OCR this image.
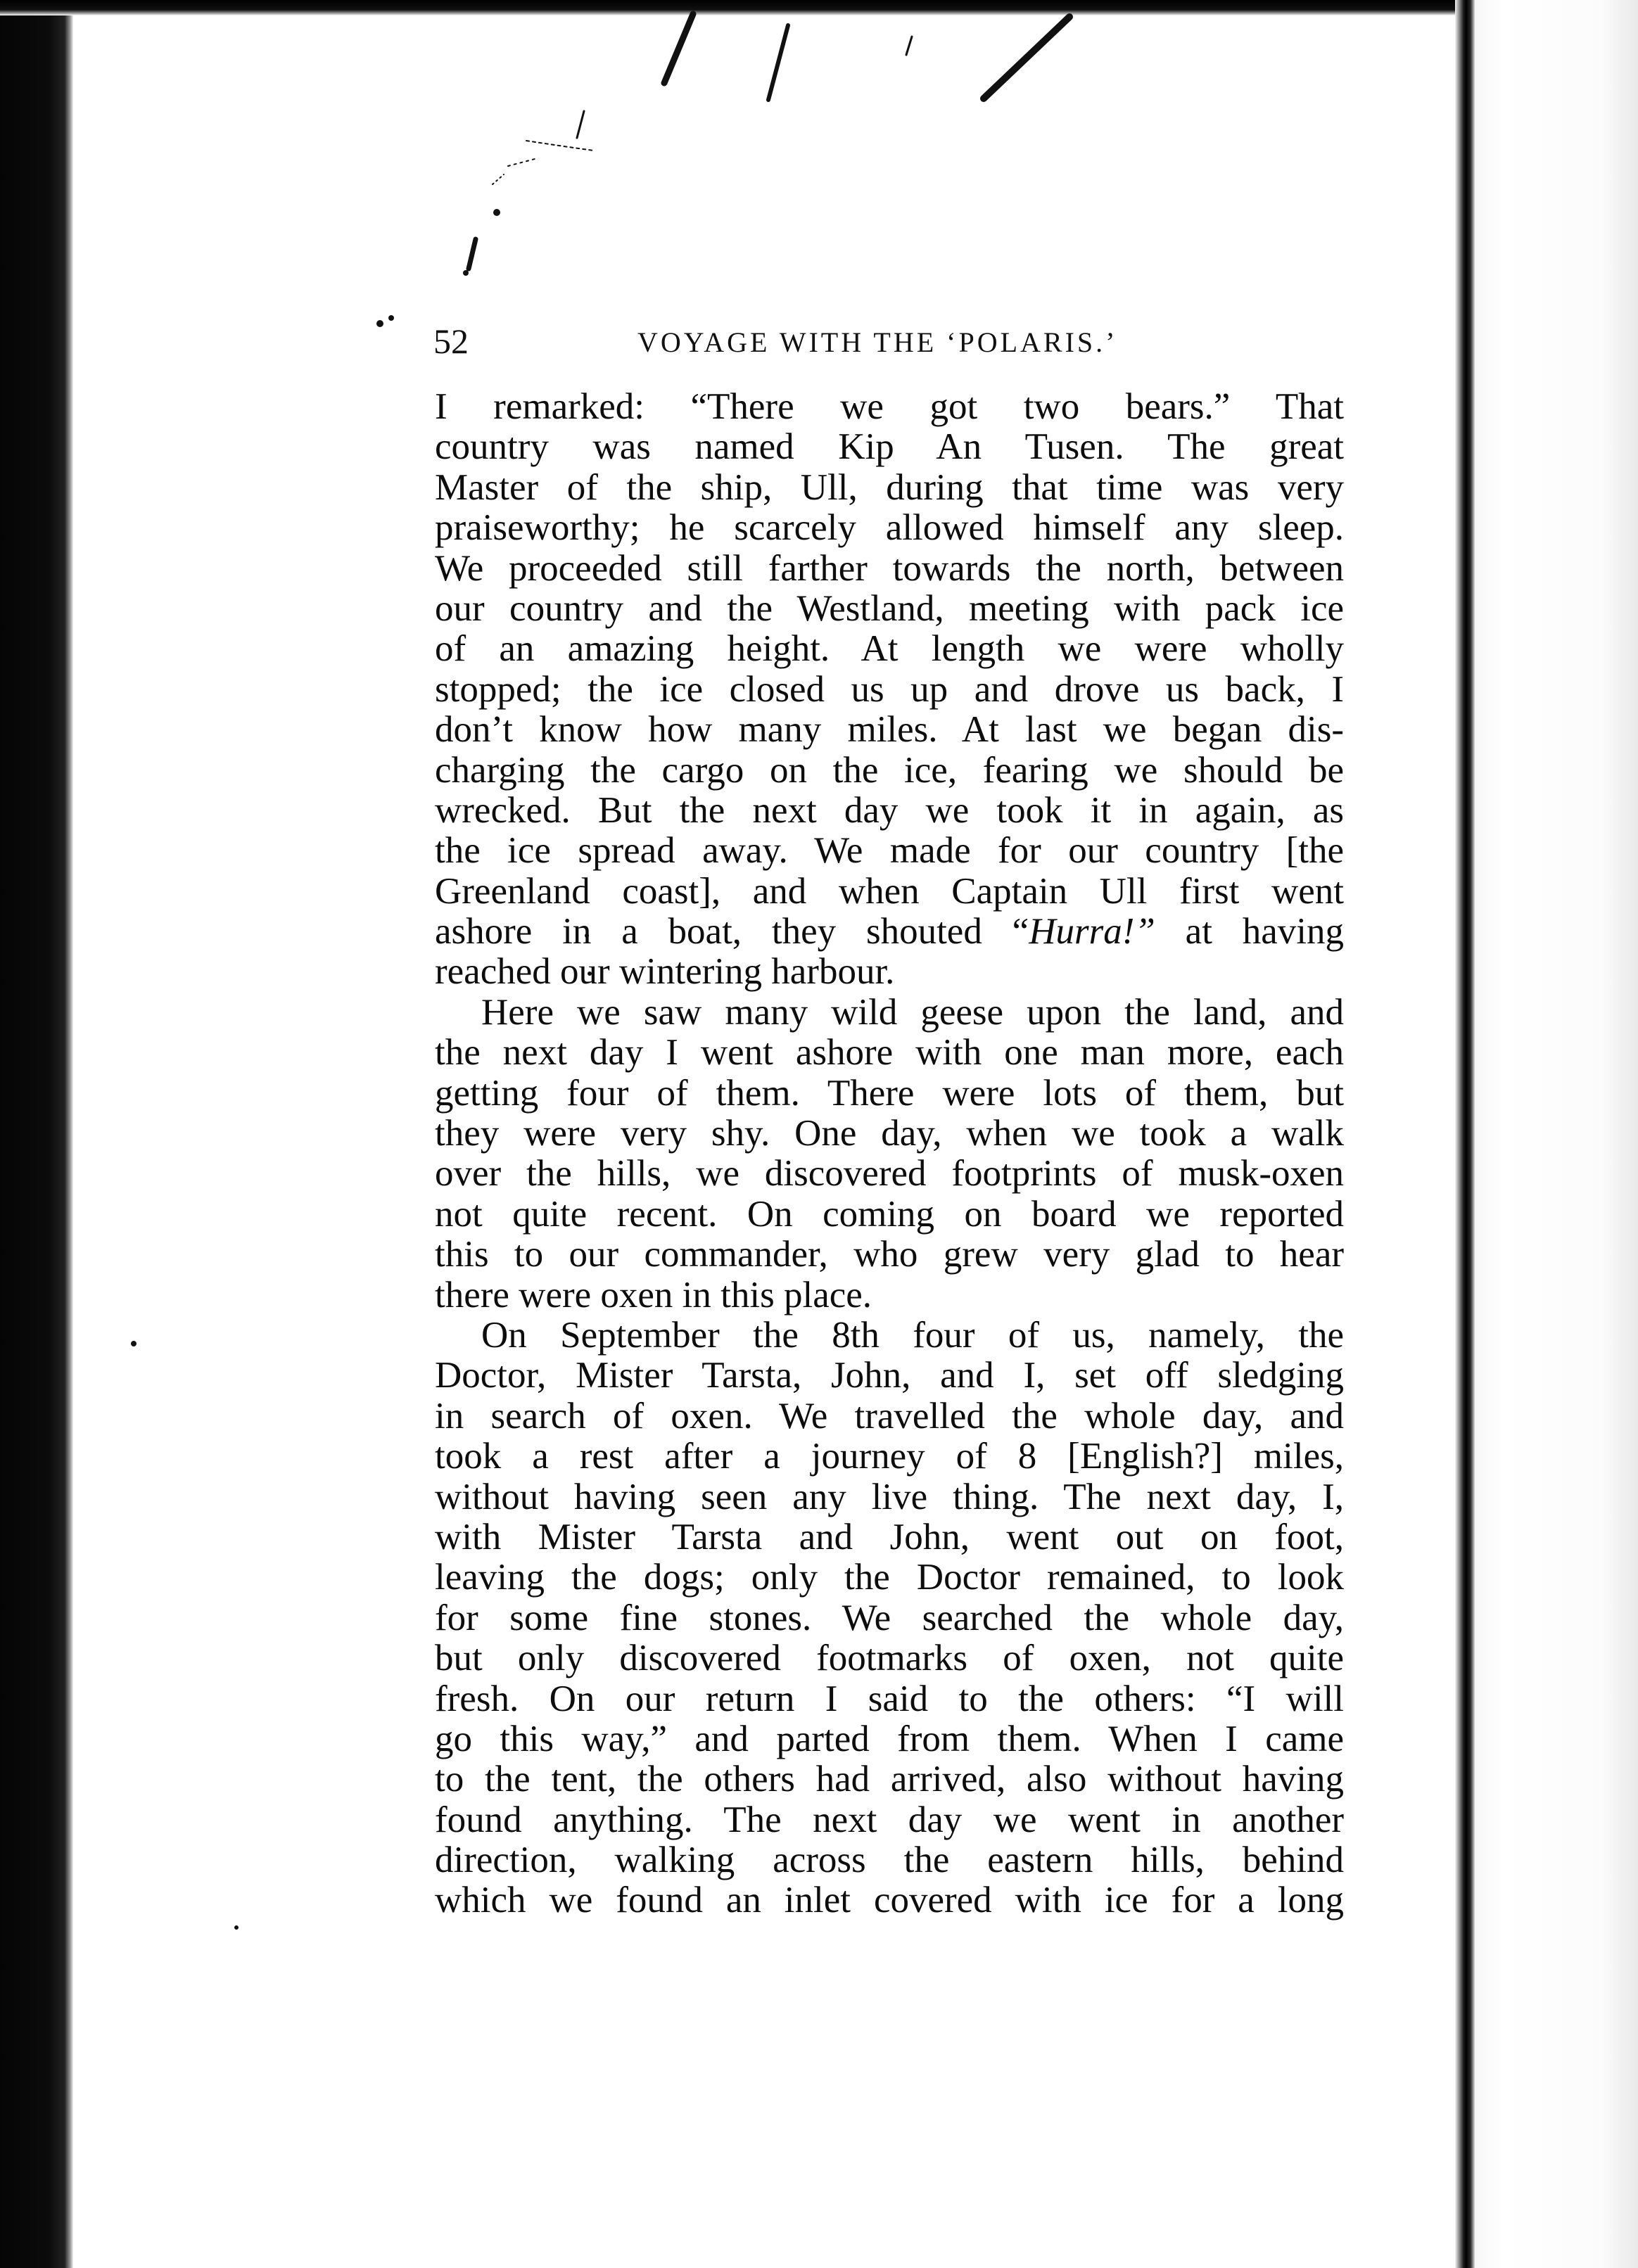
52	VOYAGE WITH THE ‘POLARIS.’
I remarked: “There we got two bears.” That
country was named Kip An Tusen. The great
Master of the ship, Ull, during that time was very
praiseworthy; he scarcely allowed himself any sleep.
We proceeded still farther towards the north, between
our country and the Westland, meeting with pack ice
of an amazing height. At length we were wholly
stopped; the ice closed us up and drove us back, I
don’t know how many miles. At last we began dis-
charging the cargo on the ice, fearing we should be
wrecked. But the next day we took it in again, as
the ice spread away. We made for our country [the
Greenland coast], and when Captain Ull first went
ashore in a boat, they shouted “Hurra!” at having
reached our wintering harbour.
Here we saw many wild geese upon the land, and
the next day I went ashore with one man more, each
getting four of them. There were lots of them, but
they were very shy. One day, when we took a walk
over the hills, we discovered footprints of musk-oxen
not quite recent. On coming on board we reported
this to our commander, who grew very glad to hear
there were oxen in this place.
On September the 8th four of us, namely, the
Doctor, Mister Tarsta, John, and I, set off sledging
in search of oxen. We travelled the whole day, and
took a rest after a journey of 8 [English?] miles,
without having seen any live thing. The next day, I,
with Mister Tarsta and John, went out on foot,
leaving the dogs; only the Doctor remained, to look
for some fine stones. We searched the whole day,
but only discovered footmarks of oxen, not quite
fresh. On our return I said to the others: “I will
go this way,” and parted from them. When I came
to the tent, the others had arrived, also without having
found anything. The next day we went in another
direction, walking across the eastern hills, behind
which we found an inlet covered with ice for a long
